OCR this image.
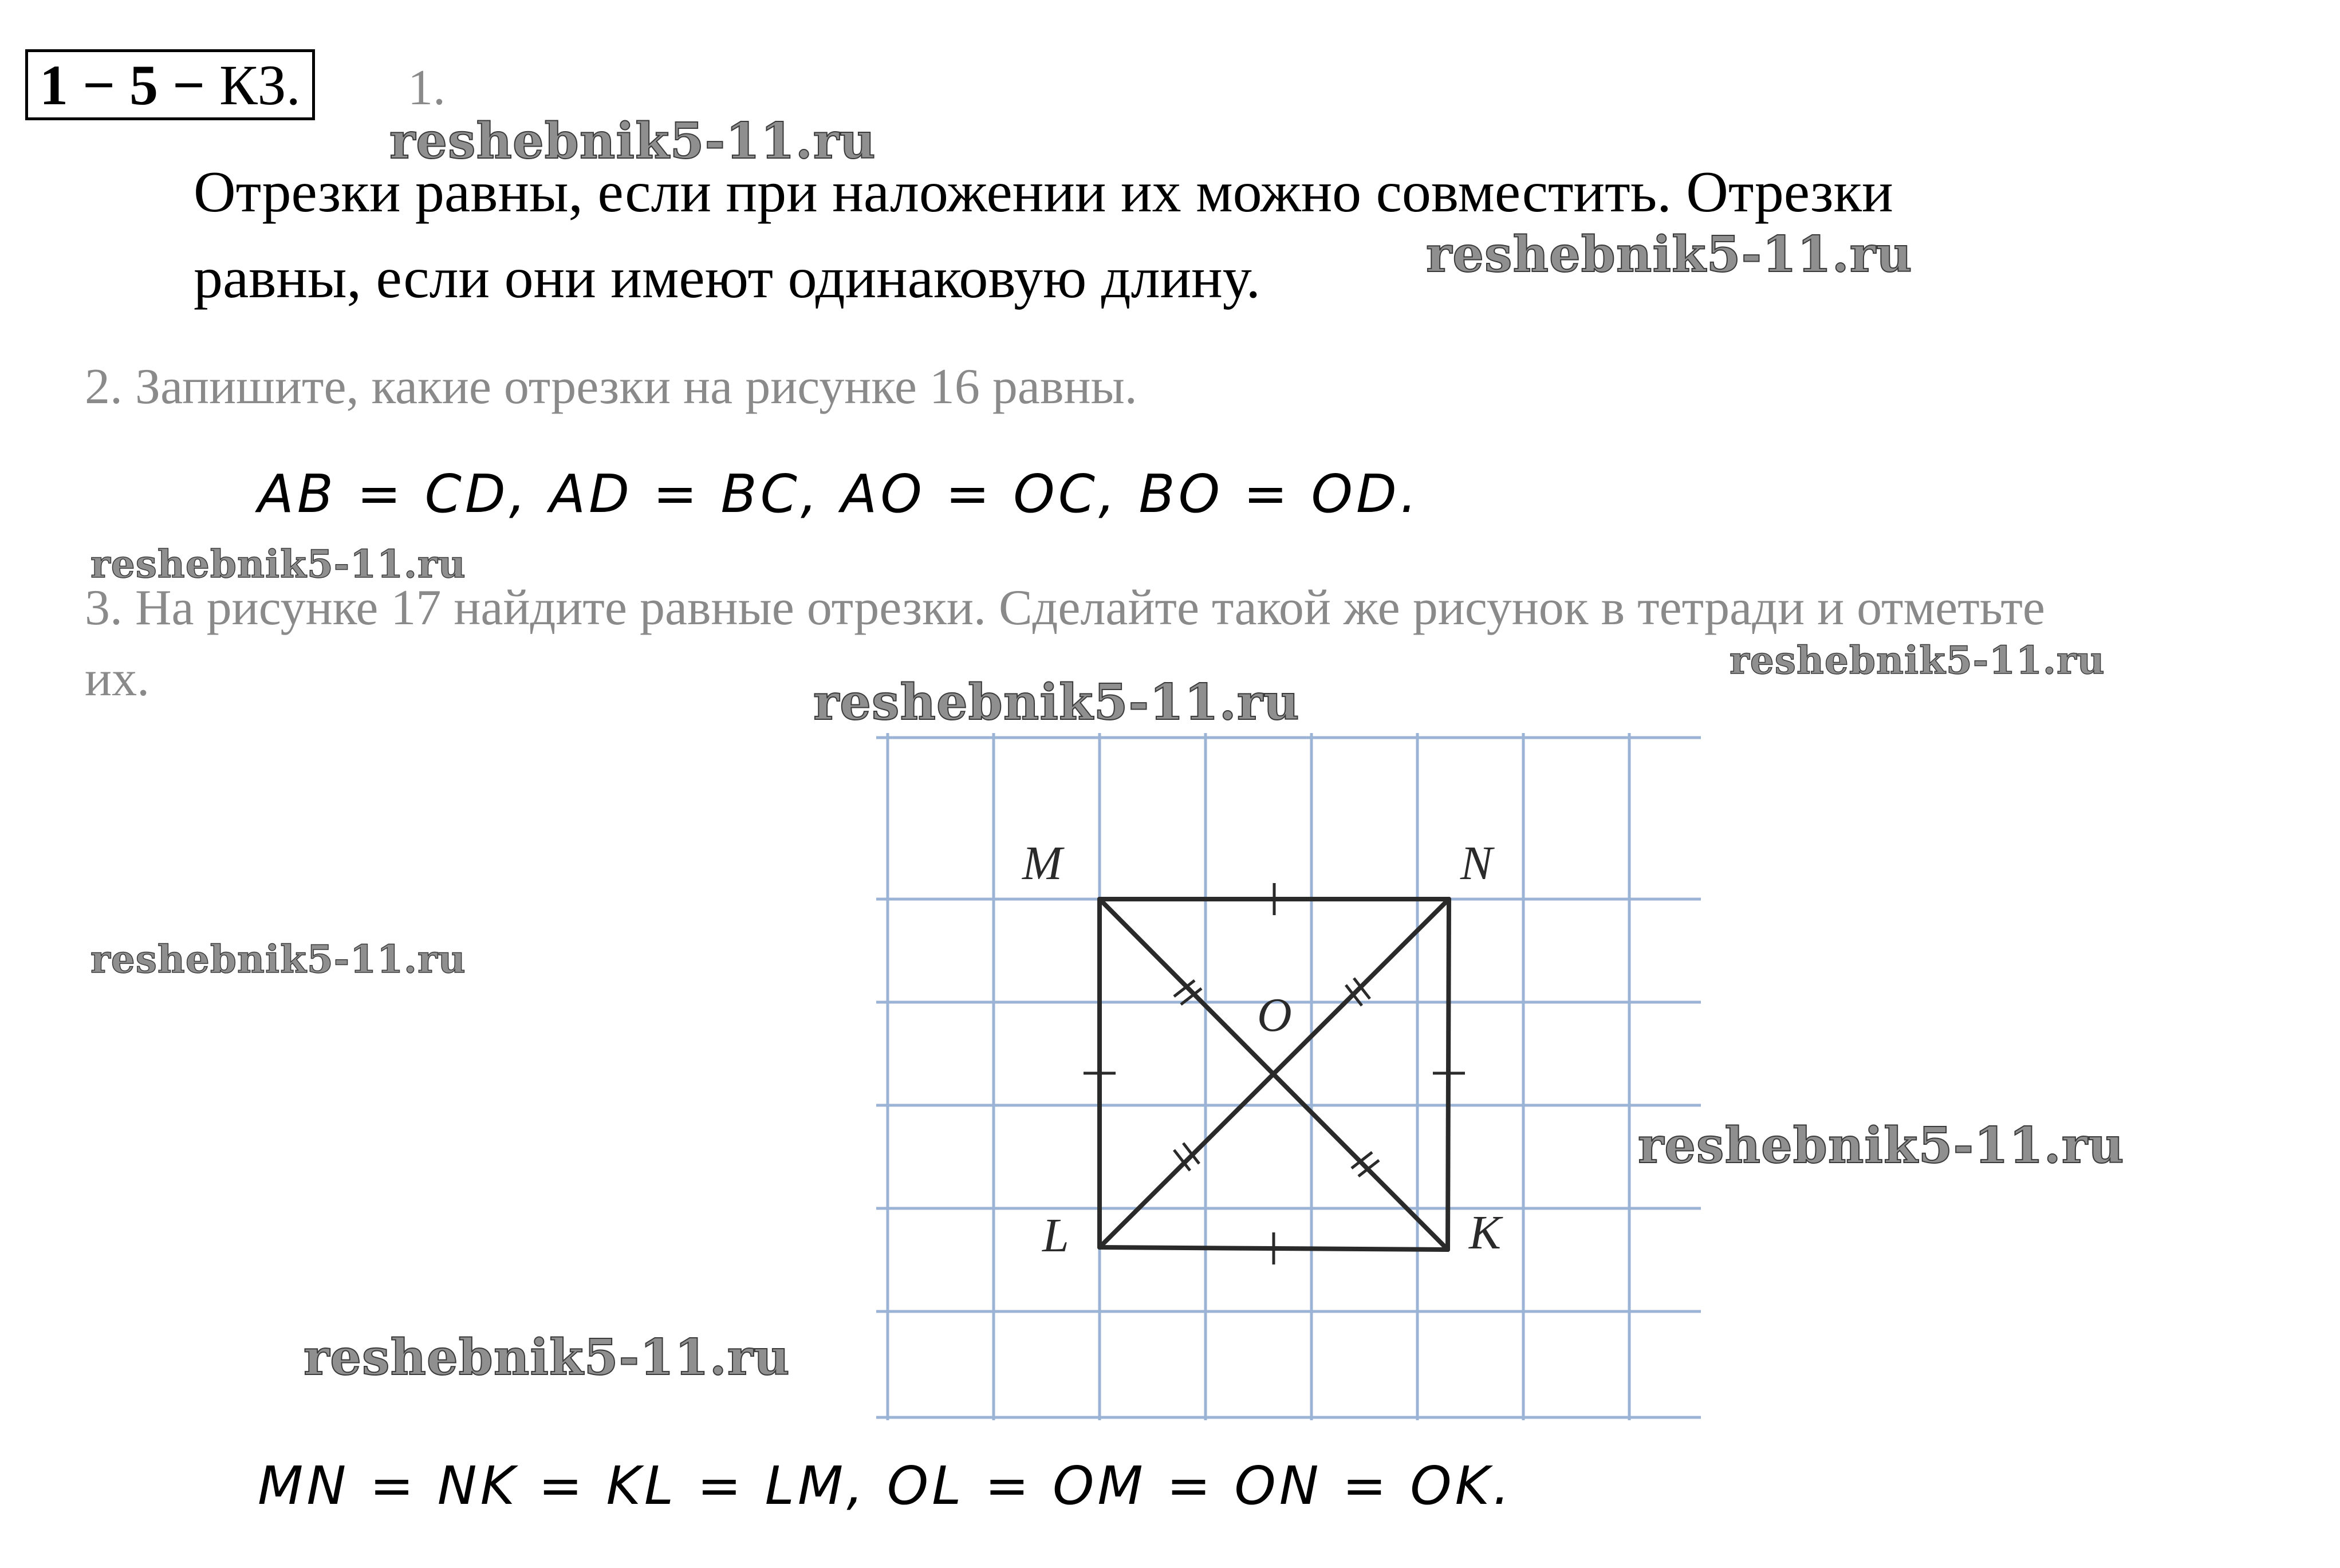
1 − 5 − КЗ. 1.
Отрезки равны, если при наложении их можно совместить. Отрезки
равны, если они имеют одинаковую длину.
2. Запишите, какие отрезки на рисунке 16 равны.
AB = CD, AD = BC, AO = OC, BO = OD.
3. На рисунке 17 найдите равные отрезки. Сделайте такой же рисунок в тетради и отметьте
их.
M	N
O
L	K
MN = NK = KL = LM, OL = OM = ON = OK.
reshebnik5-11.ru
reshebnik5-11.ru
reshebnik5-11.ru
reshebnik5-11.ru
reshebnik5-11.ru
reshebnik5-11.ru
reshebnik5-11.ru
reshebnik5-11.ru
